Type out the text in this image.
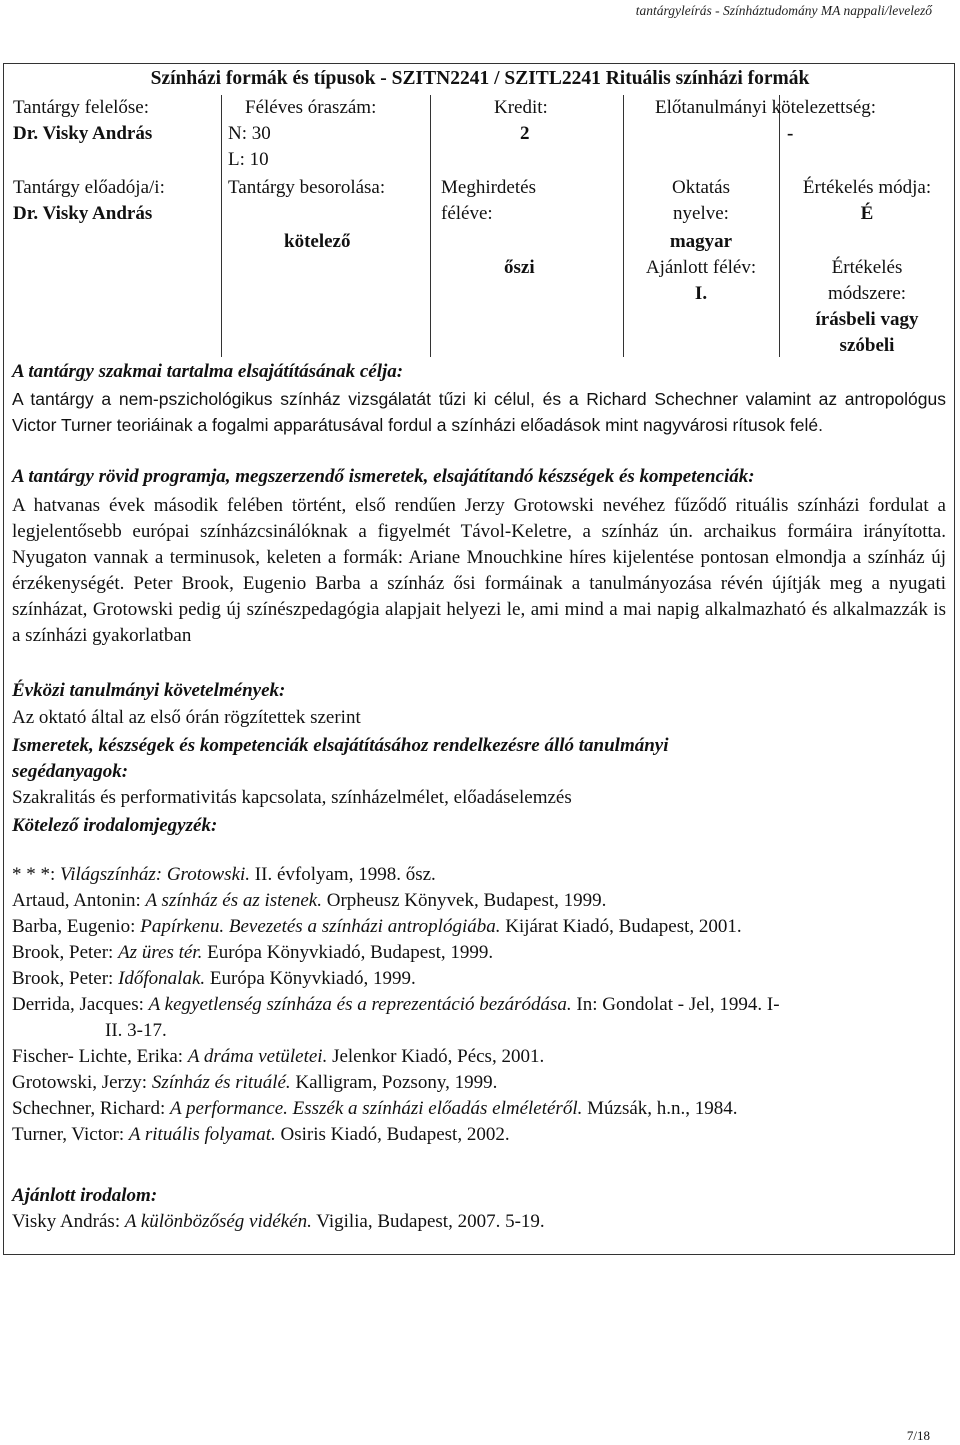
tantárgyleírás - Színháztudomány MA nappali/levelező
Színházi formák és típusok - SZITN2241 / SZITL2241 Rituális színházi formák
Tantárgy felelőse:
Dr. Visky András
Féléves óraszám:
N: 30
L: 10
Kredit:
2
Előtanulmányi kötelezettség:
-
Tantárgy előadója/i:
Dr. Visky András
Tantárgy besorolása:
kötelező
Meghirdetés
féléve:
őszi
Oktatás
nyelve:
magyar
Ajánlott félév:
I.
Értékelés módja:
É
Értékelés
módszere:
írásbeli vagy
szóbeli
A tantárgy szakmai tartalma elsajátításának célja:
A tantárgy a nem-pszichológikus színház vizsgálatát tűzi ki célul, és a Richard Schechner valamint az antropológus Victor Turner teoriáinak a fogalmi apparátusával fordul a színházi előadások mint nagyvárosi rítusok felé.
A tantárgy rövid programja, megszerzendő ismeretek, elsajátítandó készségek és kompetenciák:
A hatvanas évek második felében történt, első rendűen Jerzy Grotowski nevéhez fűződő rituális színházi fordulat a legjelentősebb európai színházcsinálóknak a figyelmét Távol-Keletre, a színház ún. archaikus formáira irányította. Nyugaton vannak a terminusok, keleten a formák: Ariane Mnouchkine híres kijelentése pontosan elmondja a színház új érzékenységét. Peter Brook, Eugenio Barba a színház ősi formáinak a tanulmányozása révén újítják meg a nyugati színházat, Grotowski pedig új színészpedagógia alapjait helyezi le, ami mind a mai napig alkalmazható és alkalmazzák is a színházi gyakorlatban
Évközi tanulmányi követelmények:
Az oktató által az első órán rögzítettek szerint
Ismeretek, készségek és kompetenciák elsajátításához rendelkezésre álló tanulmányi
segédanyagok:
Szakralitás és performativitás kapcsolata, színházelmélet, előadáselemzés
Kötelező irodalomjegyzék:
* * *: Világszínház: Grotowski. II. évfolyam, 1998. ősz.
Artaud, Antonin: A színház és az istenek. Orpheusz Könyvek, Budapest, 1999.
Barba, Eugenio: Papírkenu. Bevezetés a színházi antroplógiába. Kijárat Kiadó, Budapest, 2001.
Brook, Peter: Az üres tér. Európa Könyvkiadó, Budapest, 1999.
Brook, Peter: Időfonalak. Európa Könyvkiadó, 1999.
Derrida, Jacques: A kegyetlenség színháza és a reprezentáció bezáródása. In: Gondolat - Jel, 1994. I-
II. 3-17.
Fischer- Lichte, Erika: A dráma vetületei. Jelenkor Kiadó, Pécs, 2001.
Grotowski, Jerzy: Színház és rituálé. Kalligram, Pozsony, 1999.
Schechner, Richard: A performance. Esszék a színházi előadás elméletéről. Múzsák, h.n., 1984.
Turner, Victor: A rituális folyamat. Osiris Kiadó, Budapest, 2002.
Ajánlott irodalom:
Visky András: A különbözőség vidékén. Vigilia, Budapest, 2007. 5-19.
7/18
